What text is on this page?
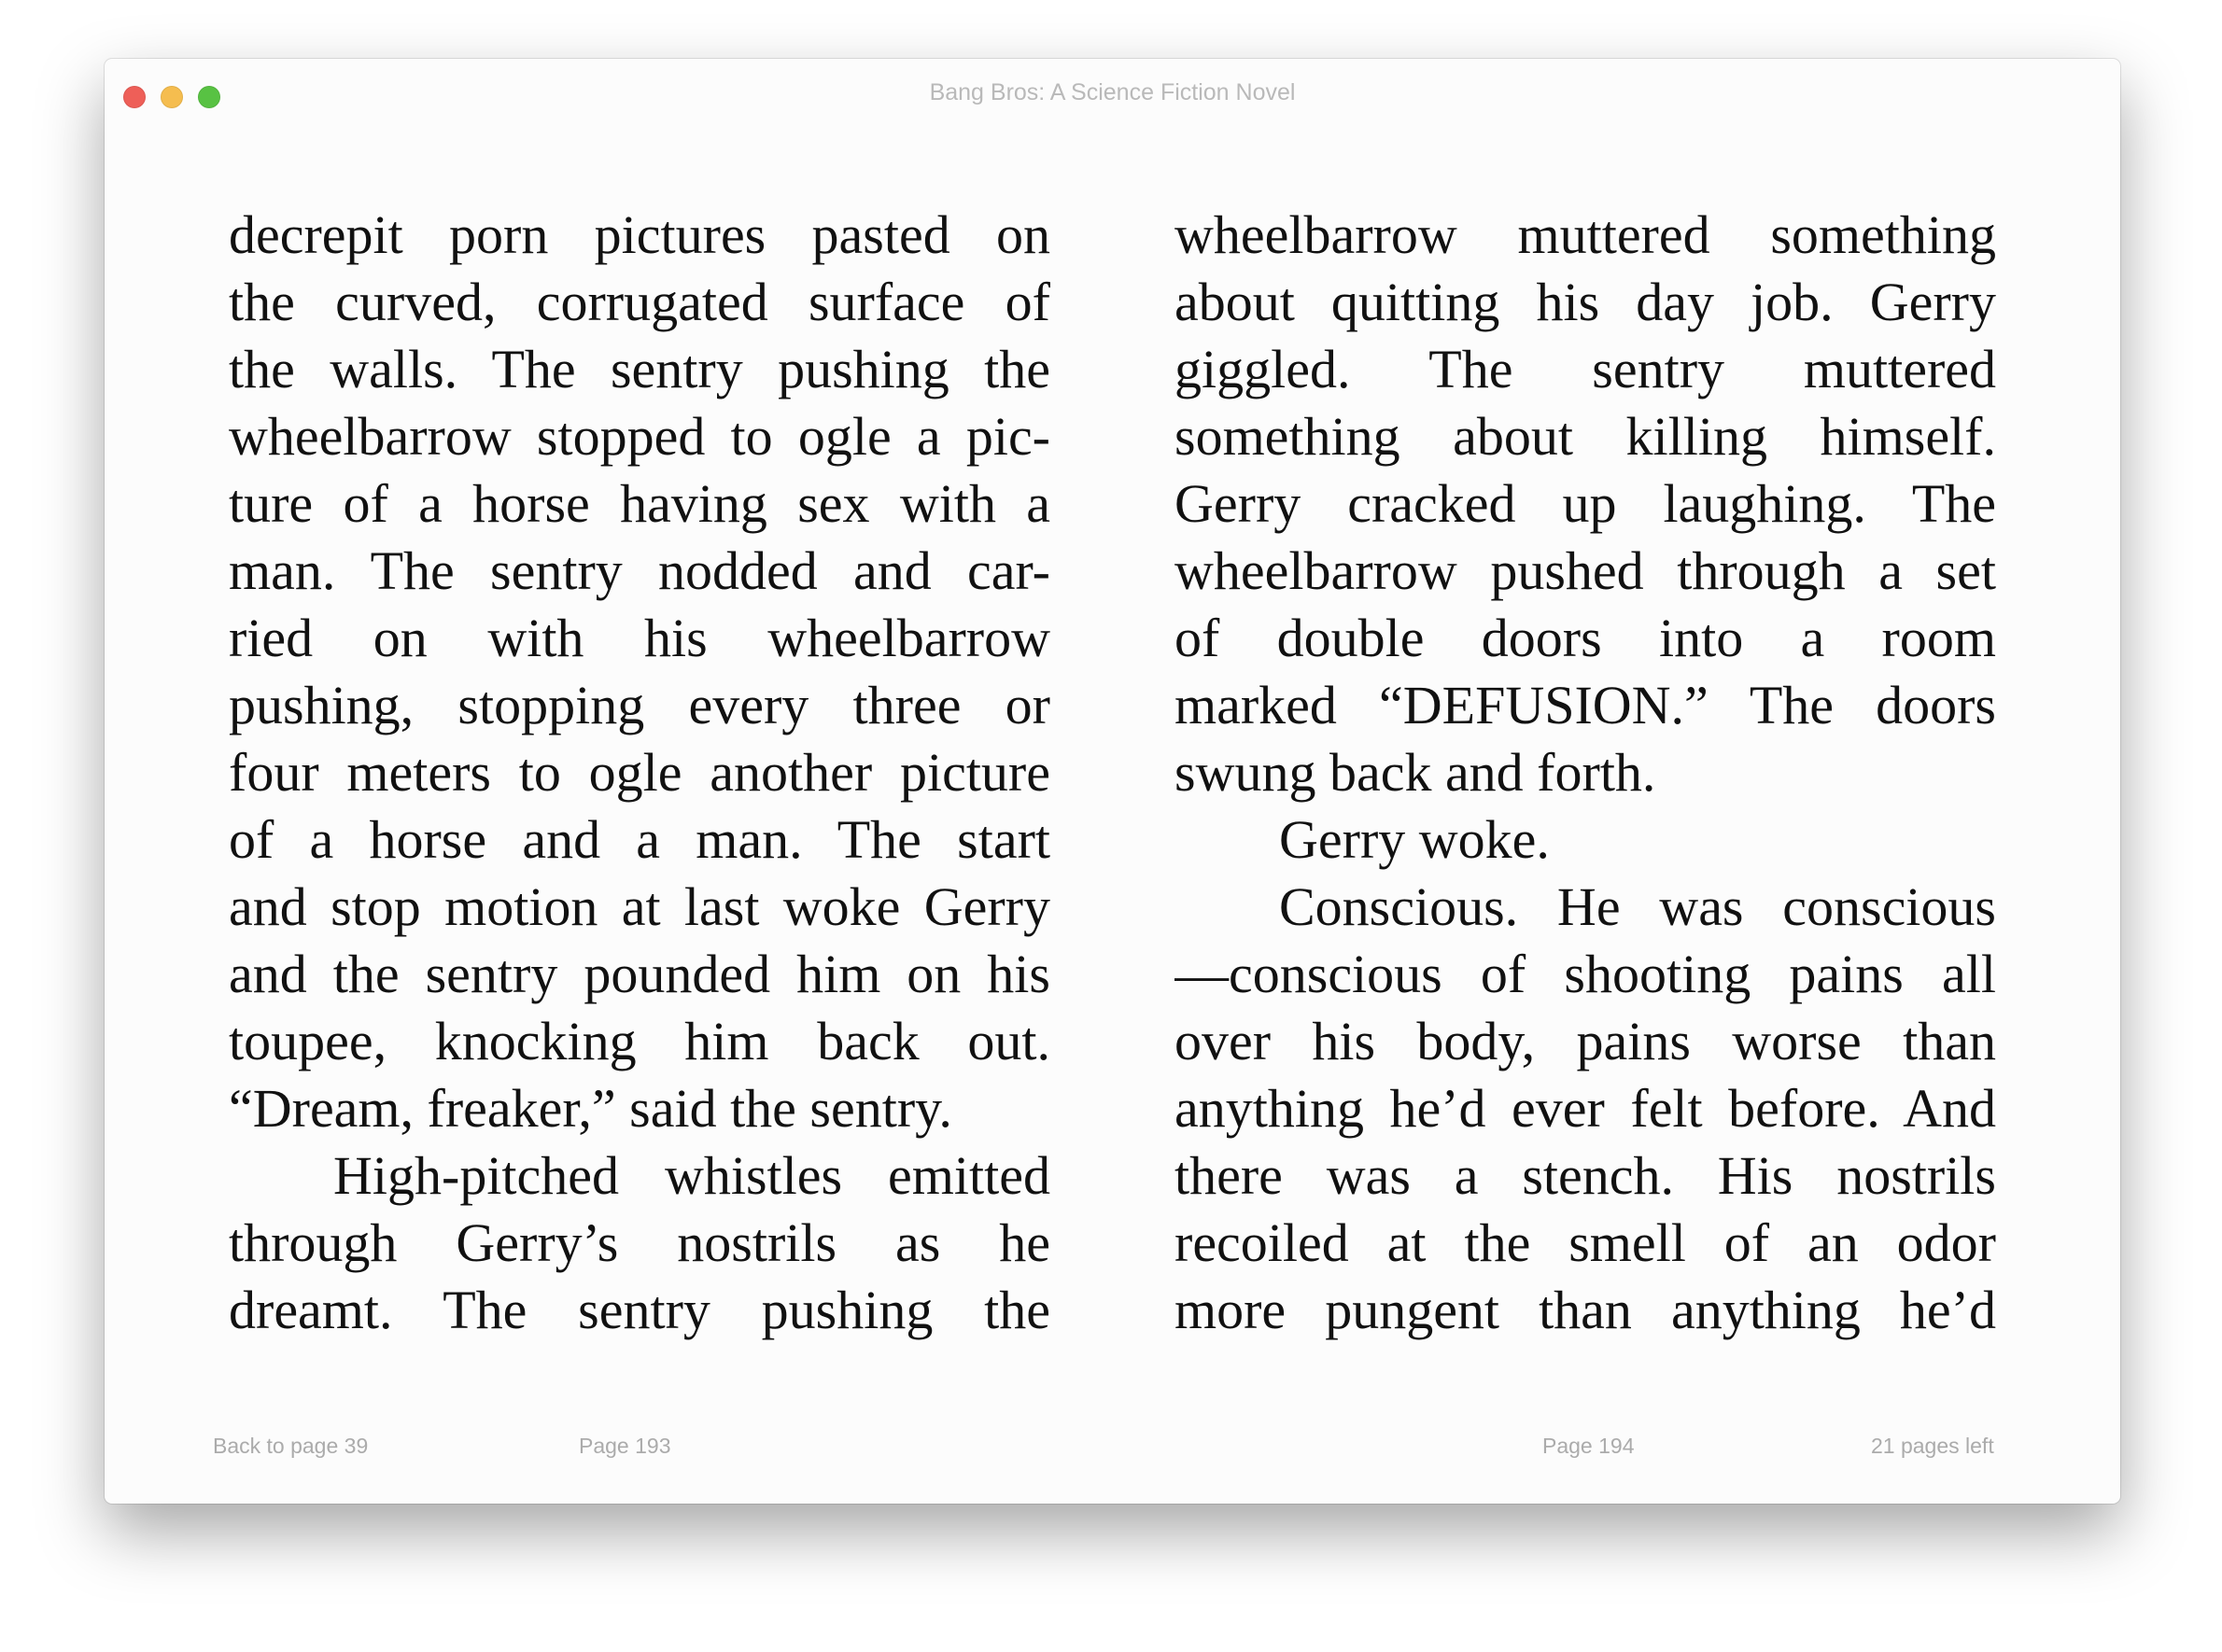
Bang Bros: A Science Fiction Novel
decrepit porn pictures pasted on
the curved, corrugated surface of
the walls. The sentry pushing the
wheelbarrow stopped to ogle a pic-
ture of a horse having sex with a
man. The sentry nodded and car-
ried on with his wheelbarrow
pushing, stopping every three or
four meters to ogle another picture
of a horse and a man. The start
and stop motion at last woke Gerry
and the sentry pounded him on his
toupee, knocking him back out.
“Dream, freaker,” said the sentry.
High-pitched whistles emitted
through Gerry’s nostrils as he
dreamt. The sentry pushing the
wheelbarrow muttered something
about quitting his day job. Gerry
giggled. The sentry muttered
something about killing himself.
Gerry cracked up laughing. The
wheelbarrow pushed through a set
of double doors into a room
marked “DEFUSION.” The doors
swung back and forth.
Gerry woke.
Conscious. He was conscious
—conscious of shooting pains all
over his body, pains worse than
anything he’d ever felt before. And
there was a stench. His nostrils
recoiled at the smell of an odor
more pungent than anything he’d
Back to page 39	Page 193	Page 194	21 pages left
